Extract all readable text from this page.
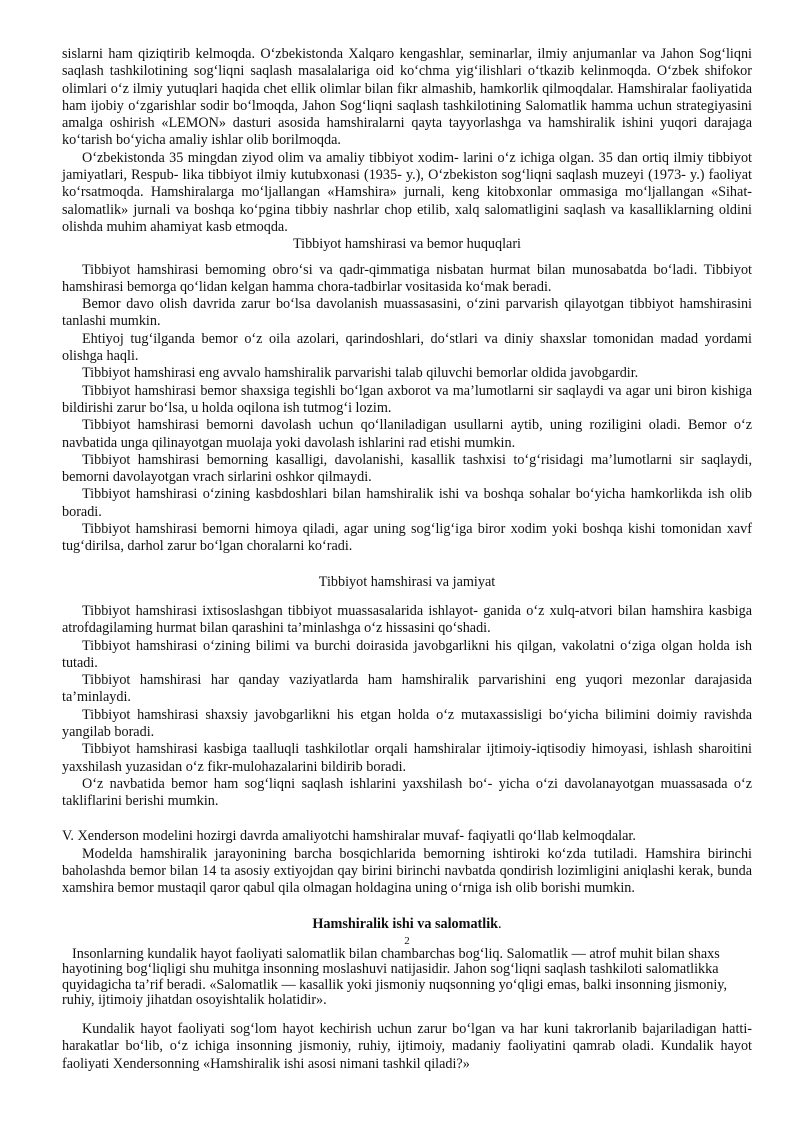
sislarni ham qiziqtirib kelmoqda. O‘zbekistonda Xalqaro kengashlar, seminarlar, ilmiy anjumanlar va Jahon Sog‘liqni saqlash tashkilotining sog‘liqni saqlash masalalariga oid ko‘chma yig‘ilishlari o‘tkazib kelinmoqda. O‘zbek shifokor olimlari o‘z ilmiy yutuqlari haqida chet ellik olimlar bilan fikr almashib, hamkorlik qilmoqdalar. Hamshiralar faoliyatida ham ijobiy o‘zgarishlar sodir bo‘lmoqda, Jahon Sog‘liqni saqlash tashkilotining Salomatlik hamma uchun strategiyasini amalga oshirish «LEMON» dasturi asosida hamshiralarni qayta tayyorlashga va hamshiralik ishini yuqori darajaga ko‘tarish bo‘yicha amaliy ishlar olib borilmoqda.

O‘zbekistonda 35 mingdan ziyod olim va amaliy tibbiyot xodim- larini o‘z ichiga olgan. 35 dan ortiq ilmiy tibbiyot jamiyatlari, Respub- lika tibbiyot ilmiy kutubxonasi (1935- y.), O‘zbekiston sog‘liqni saqlash muzeyi (1973- y.) faoliyat ko‘rsatmoqda. Hamshiralarga mo‘ljallangan «Hamshira» jurnali, keng kitobxonlar ommasiga mo‘ljallangan «Sihat- salomatlik» jurnali va boshqa ko‘pgina tibbiy nashrlar chop etilib, xalq salomatligini saqlash va kasalliklarning oldini olishda muhim ahamiyat kasb etmoqda.

Tibbiyot hamshirasi va bemor huquqlari

Tibbiyot hamshirasi bemoming obro‘si va qadr-qimmatiga nisbatan hurmat bilan munosabatda bo‘ladi. Tibbiyot hamshirasi bemorga qo‘lidan kelgan hamma chora-tadbirlar vositasida ko‘mak beradi.

Bemor davo olish davrida zarur bo‘lsa davolanish muassasasini, o‘zini parvarish qilayotgan tibbiyot hamshirasini tanlashi mumkin.

Ehtiyoj tug‘ilganda bemor o‘z oila azolari, qarindoshlari, do‘stlari va diniy shaxslar tomonidan madad yordami olishga haqli.

Tibbiyot hamshirasi eng avvalo hamshiralik parvarishi talab qiluvchi bemorlar oldida javobgardir.

Tibbiyot hamshirasi bemor shaxsiga tegishli bo‘lgan axborot va ma’lumotlarni sir saqlaydi va agar uni biron kishiga bildirishi zarur bo‘lsa, u holda oqilona ish tutmog‘i lozim.

Tibbiyot hamshirasi bemorni davolash uchun qo‘llaniladigan usullarni aytib, uning roziligini oladi. Bemor o‘z navbatida unga qilinayotgan muolaja yoki davolash ishlarini rad etishi mumkin.

Tibbiyot hamshirasi bemorning kasalligi, davolanishi, kasallik tashxisi to‘g‘risidagi ma’lumotlarni sir saqlaydi, bemorni davolayotgan vrach sirlarini oshkor qilmaydi.

Tibbiyot hamshirasi o‘zining kasbdoshlari bilan hamshiralik ishi va boshqa sohalar bo‘yicha hamkorlikda ish olib boradi.

Tibbiyot hamshirasi bemorni himoya qiladi, agar uning sog‘lig‘iga biror xodim yoki boshqa kishi tomonidan xavf tug‘dirilsa, darhol zarur bo‘lgan choralarni ko‘radi.

Tibbiyot hamshirasi va jamiyat

Tibbiyot hamshirasi ixtisoslashgan tibbiyot muassasalarida ishlayot- ganida o‘z xulq-atvori bilan hamshira kasbiga atrofdagilaming hurmat bilan qarashini ta’minlashga o‘z hissasini qo‘shadi.

Tibbiyot hamshirasi o‘zining bilimi va burchi doirasida javobgarlikni his qilgan, vakolatni o‘ziga olgan holda ish tutadi.

Tibbiyot hamshirasi har qanday vaziyatlarda ham hamshiralik parvarishini eng yuqori mezonlar darajasida ta’minlaydi.

Tibbiyot hamshirasi shaxsiy javobgarlikni his etgan holda o‘z mutaxassisligi bo‘yicha bilimini doimiy ravishda yangilab boradi.

Tibbiyot hamshirasi kasbiga taalluqli tashkilotlar orqali hamshiralar ijtimoiy-iqtisodiy himoyasi, ishlash sharoitini yaxshilash yuzasidan o‘z fikr-mulohazalarini bildirib boradi.

O‘z navbatida bemor ham sog‘liqni saqlash ishlarini yaxshilash bo‘- yicha o‘zi davolanayotgan muassasada o‘z takliflarini berishi mumkin.

V. Xenderson modelini hozirgi davrda amaliyotchi hamshiralar muvaf- faqiyatli qo‘llab kelmoqdalar.

Modelda hamshiralik jarayonining barcha bosqichlarida bemorning ishtiroki ko‘zda tutiladi. Hamshira birinchi baholashda bemor bilan 14 ta asosiy extiyojdan qay birini birinchi navbatda qondirish lozimligini aniqlashi kerak, bunda xamshira bemor mustaqil qaror qabul qila olmagan holdagina uning o‘rniga ish olib borishi mumkin.

Hamshiralik ishi va salomatlik.

2

Insonlarning kundalik hayot faoliyati salomatlik bilan chambarchas bog‘liq. Salomatlik — atrof muhit bilan shaxs hayotining bog‘liqligi shu muhitga insonning moslashuvi natijasidir. Jahon sog‘liqni saqlash tashkiloti salomatlikka quyidagicha ta’rif beradi. «Salomatlik — kasallik yoki jismoniy nuqsonning yo‘qligi emas, balki insonning jismoniy, ruhiy, ijtimoiy jihatdan osoyishtalik holatidir».

Kundalik hayot faoliyati sog‘lom hayot kechirish uchun zarur bo‘lgan va har kuni takrorlanib bajariladigan hatti-harakatlar bo‘lib, o‘z ichiga insonning jismoniy, ruhiy, ijtimoiy, madaniy faoliyatini qamrab oladi. Kundalik hayot faoliyati Xendersonning «Hamshiralik ishi asosi nimani tashkil qiladi?»
